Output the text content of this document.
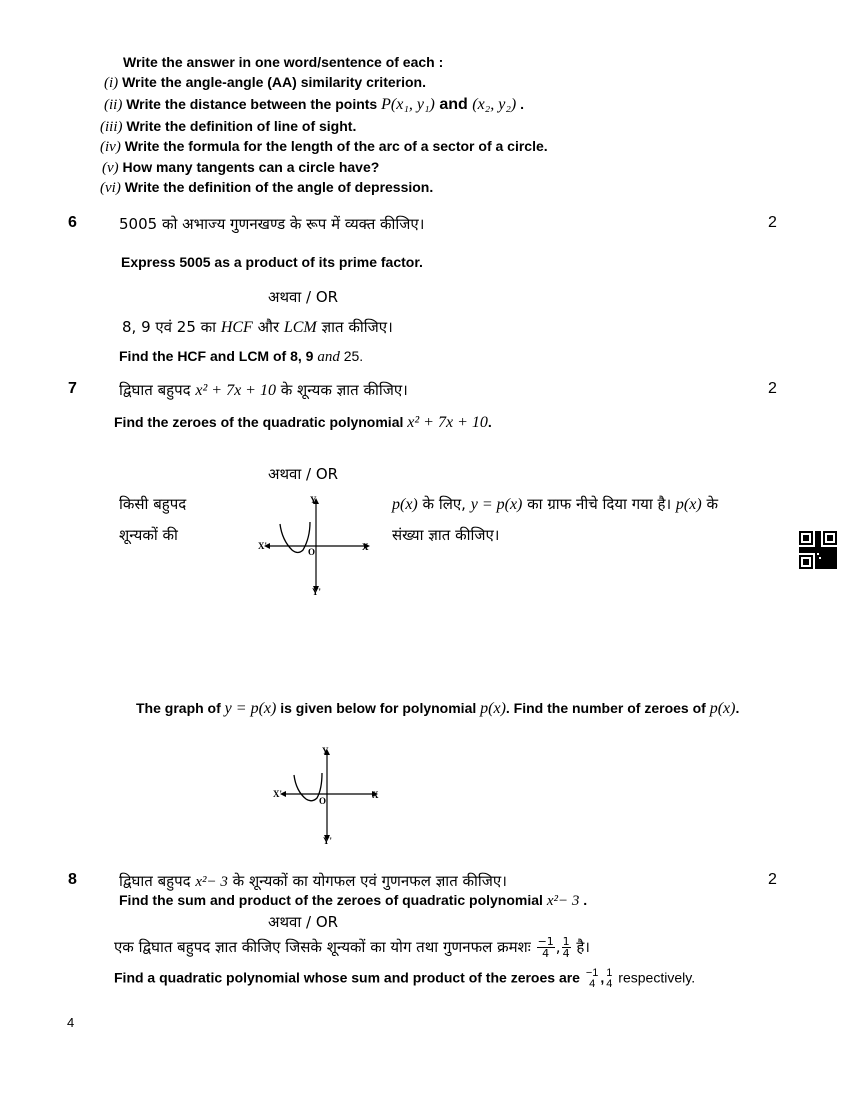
Write the answer in one word/sentence of each :
(i) Write the angle-angle (AA) similarity criterion.
(ii) Write the distance between the points P(x₁, y₁) and (x₂, y₂) .
(iii) Write the definition of line of sight.
(iv) Write the formula for the length of the arc of a sector of a circle.
(v) How many tangents can a circle have?
(vi) Write the definition of the angle of depression.
6	5005 को अभाज्य गुणनखण्ड के रूप में व्यक्त कीजिए।	2
Express 5005 as a product of its prime factor.
अथवा / OR
8, 9 एवं 25 का HCF और LCM ज्ञात कीजिए।
Find the HCF and LCM of 8, 9 and 25.
7	द्विघात बहुपद x² + 7x + 10 के शून्यक ज्ञात कीजिए।	2
Find the zeroes of the quadratic polynomial x² + 7x + 10.
अथवा / OR
किसी बहुपद
शून्यकों की
p(x) के लिए, y = p(x) का ग्राफ नीचे दिया गया है। p(x) के
संख्या ज्ञात कीजिए।
Y
Y'
X'	X
O
The graph of y = p(x) is given below for polynomial p(x). Find the number of zeroes of p(x).
Y
Y'
X'	X
O
8	द्विघात बहुपद x²− 3 के शून्यकों का योगफल एवं गुणनफल ज्ञात कीजिए।	2
Find the sum and product of the zeroes of quadratic polynomial x²− 3 .
अथवा / OR
एक द्विघात बहुपद ज्ञात कीजिए जिसके शून्यकों का योग तथा गुणनफल क्रमशः $\frac{-1}{4}$ , $\frac{1}{4}$ है।
Find a quadratic polynomial whose sum and product of the zeroes are −1
4 , 1
4 respectively.
4
